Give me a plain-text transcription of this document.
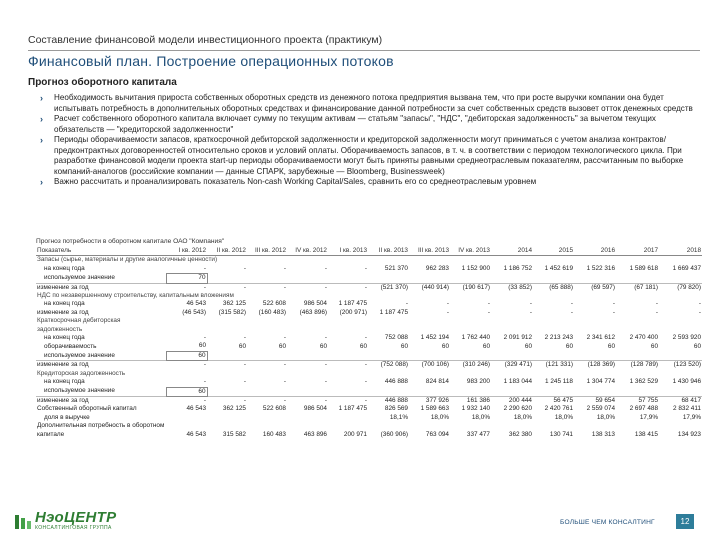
Составление финансовой модели инвестиционного проекта (практикум)
Финансовый план. Построение операционных потоков
Прогноз оборотного капитала
› Необходимость вычитания прироста собственных оборотных средств из денежного потока предприятия вызвана тем, что при росте выручки компании она будет испытывать потребность в дополнительных оборотных средствах и финансирование данной потребности за счет собственных средств вызовет отток денежных средств
› Расчет собственного оборотного капитала включает сумму по текущим активам — статьям "запасы", "НДС", "дебиторская задолженность" за вычетом текущих обязательств — "кредиторской задолженности"
› Периоды оборачиваемости запасов, краткосрочной дебиторской задолженности и кредиторской задолженности могут приниматься с учетом анализа контрактов/предконтрактных договоренностей относительно сроков и условий оплаты. Оборачиваемость запасов, в т. ч. в соответствии с периодом технологического цикла. При разработке финансовой модели проекта start-up периоды оборачиваемости могут быть приняты равными среднеотраслевым показателям, рассчитанным по выборке компаний-аналогов (российские компании — данные СПАРК, зарубежные — Bloomberg, Businessweek)
› Важно рассчитать и проанализировать показатель Non-cash Working Capital/Sales, сравнить его со среднеотраслевым уровнем
Прогноз потребности в оборотном капитале ОАО "Компания"
Показатель	I кв. 2012	II кв. 2012	III кв. 2012	IV кв. 2012	I кв. 2013	II кв. 2013	III кв. 2013	IV кв. 2013	2014	2015	2016	2017	2018
Запасы (сырье, материалы и другие аналогичные ценности)													
на конец года	-	-	-	-	-	521 370	962 283	1 152 900	1 186 752	1 452 619	1 522 316	1 589 618	1 669 437
используемое значение	70												
изменение за год	-	-	-	-	-	(521 370)	(440 914)	(190 617)	(33 852)	(65 888)	(69 597)	(67 181)	(79 820)
НДС по незавершенному строительству, капитальным вложениям													
на конец года	46 543	362 125	522 608	986 504	1 187 475	-	-	-	-	-	-	-	-
изменение за год	(46 543)	(315 582)	(160 483)	(463 896)	(200 971)	1 187 475	-	-	-	-	-	-	-
Краткосрочная дебиторская													
задолженность													
на конец года	-	-	-	-	-	752 088	1 452 194	1 762 440	2 091 912	2 213 243	2 341 612	2 470 400	2 593 920
оборачиваемость	60	60	60	60	60	60	60	60	60	60	60	60	60
используемое значение	60												
изменение за год	-	-	-	-	-	(752 088)	(700 106)	(310 246)	(329 471)	(121 331)	(128 369)	(128 789)	(123 520)
Кредиторская задолженность													
на конец года	-	-	-	-	-	446 888	824 814	983 200	1 183 044	1 245 118	1 304 774	1 362 529	1 430 946
используемое значение	60												
изменение за год	-	-	-	-	-	446 888	377 926	161 386	200 444	56 475	59 654	57 755	68 417
Собственный оборотный капитал	46 543	362 125	522 608	986 504	1 187 475	826 569	1 589 663	1 932 140	2 290 620	2 420 761	2 559 074	2 697 488	2 832 411
доля в выручке						18,1%	18,0%	18,0%	18,0%	18,0%	18,0%	17,9%	17,9%
Дополнительная потребность в оборотном капитале	46 543	315 582	160 483	463 896	200 971	(360 906)	763 094	337 477	362 380	130 741	138 313	138 415	134 923
НэоЦЕНТР
КОНСАЛТИНГОВАЯ ГРУППА
БОЛЬШЕ ЧЕМ КОНСАЛТИНГ	12
